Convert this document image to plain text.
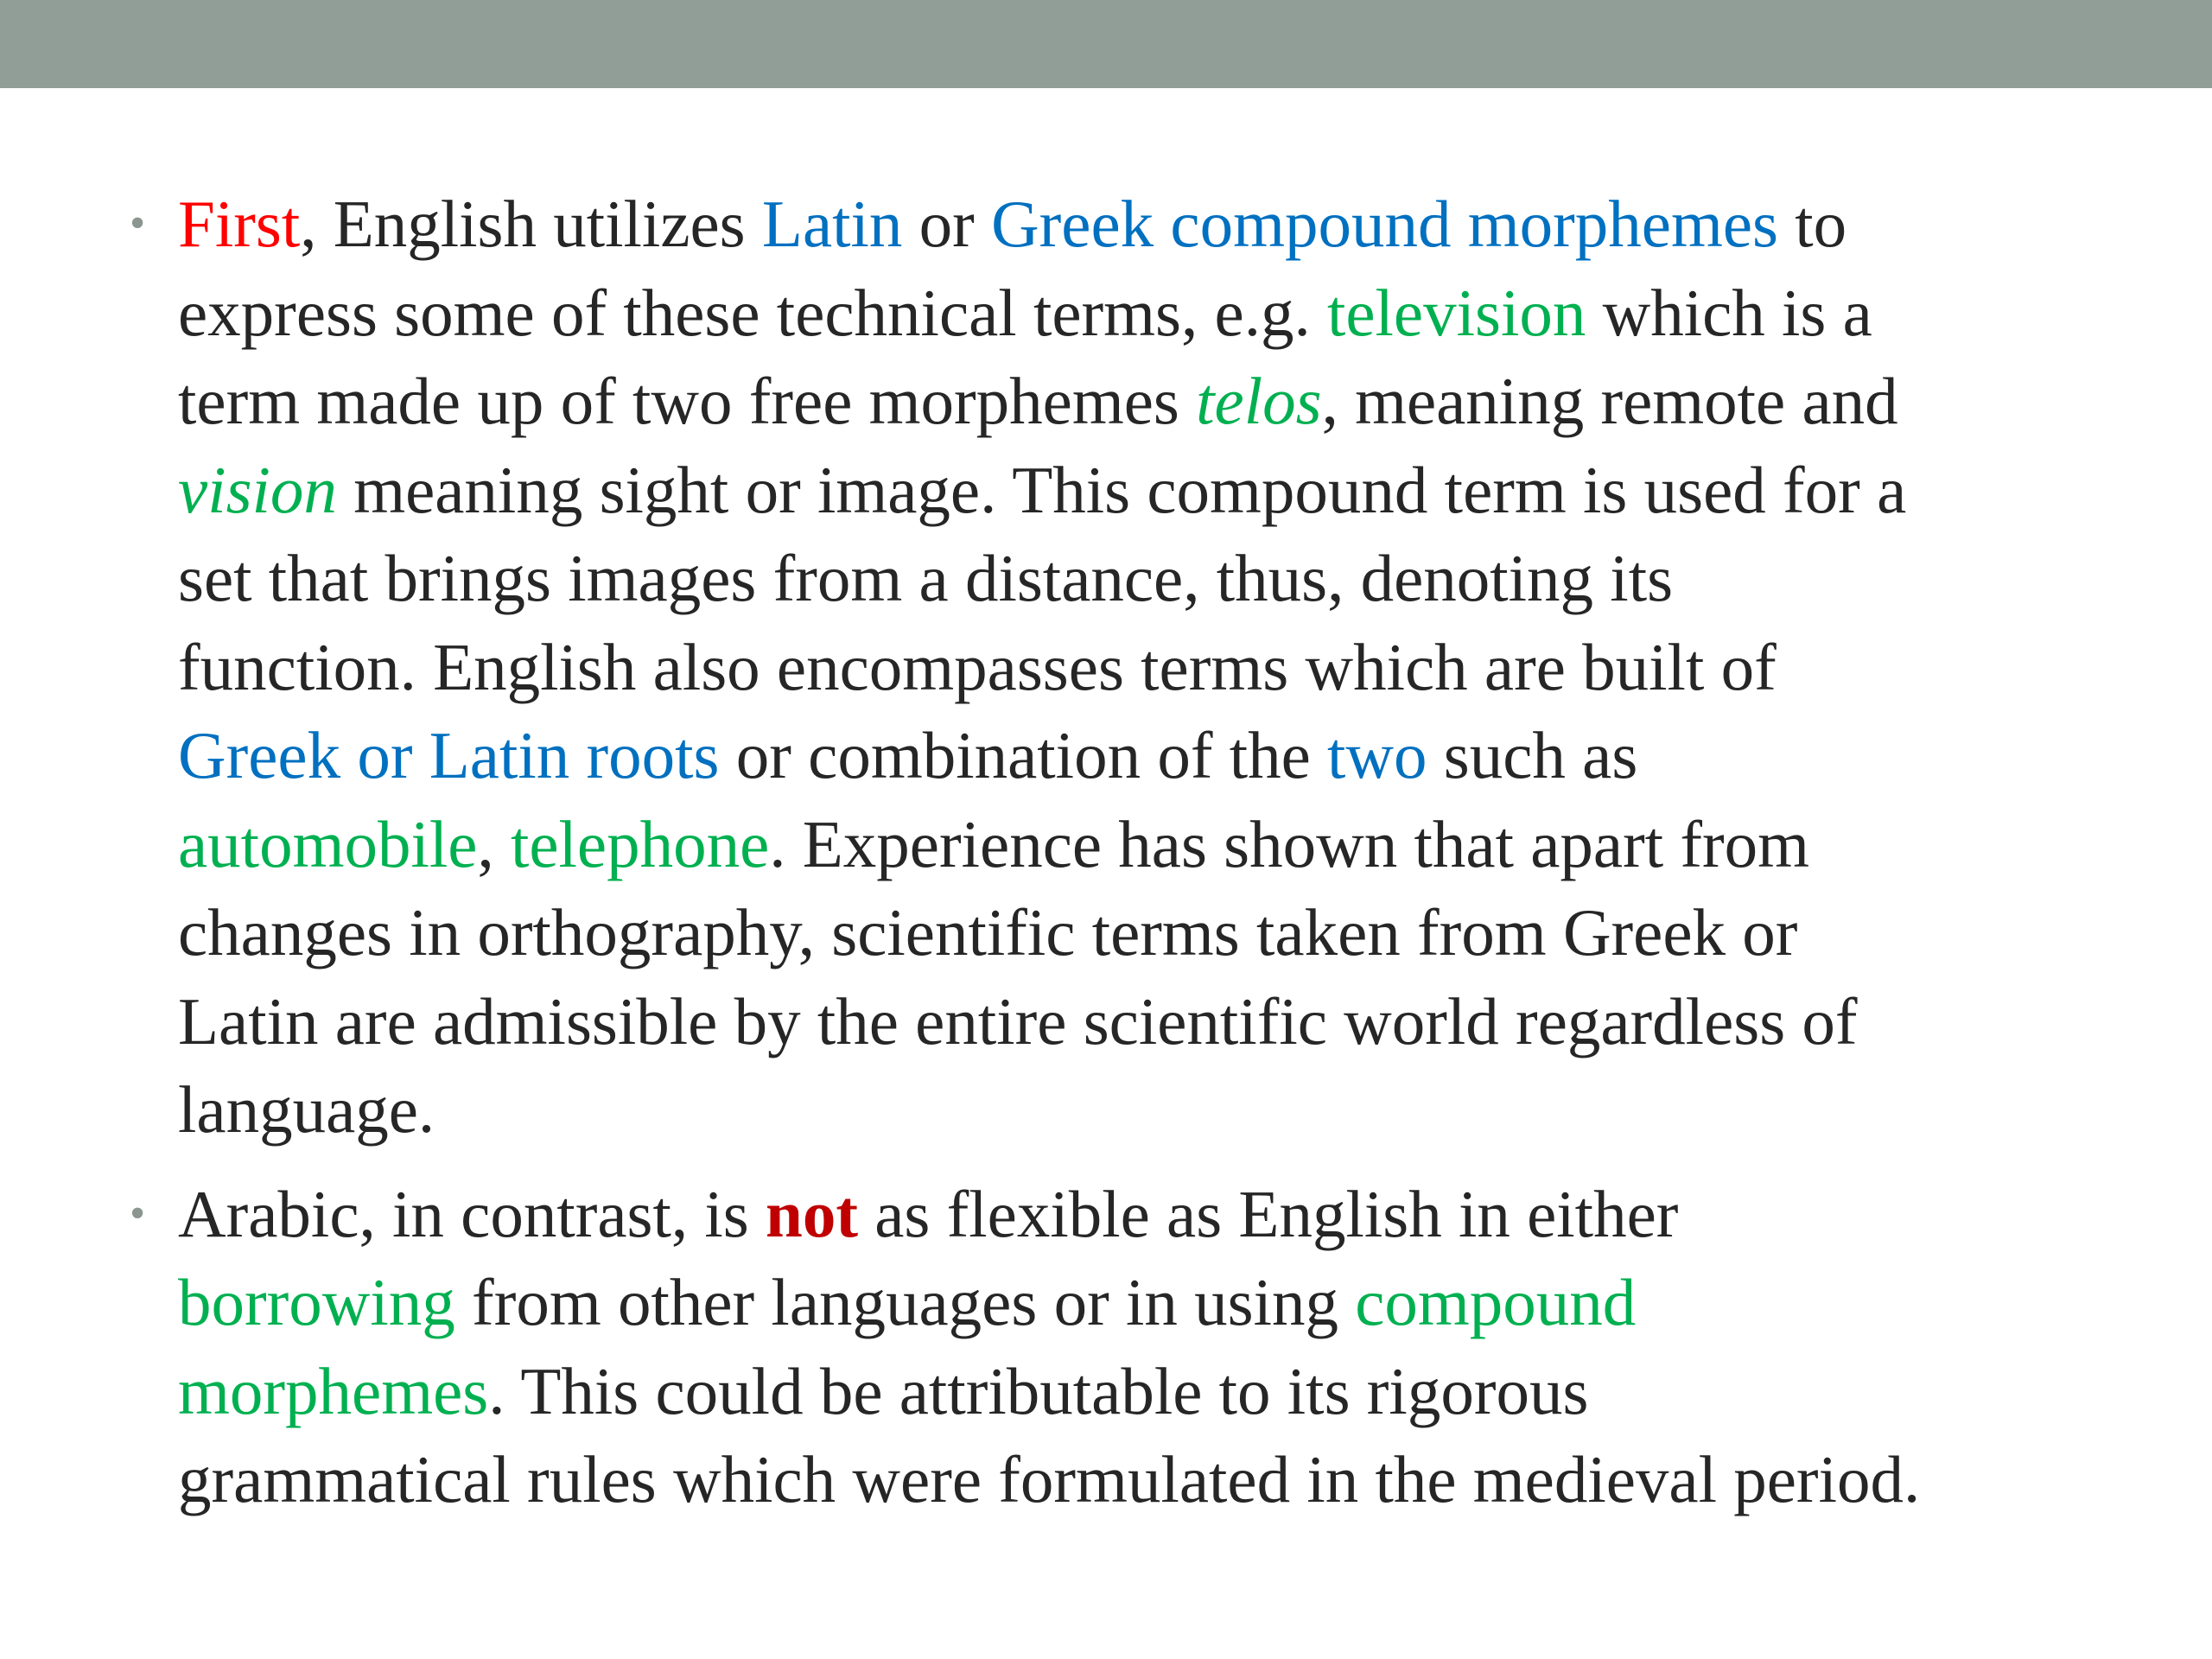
• First, English utilizes Latin or Greek compound morphemes to
express some of these technical terms, e.g. television which is a
term made up of two free morphemes telos, meaning remote and
vision meaning sight or image. This compound term is used for a
set that brings images from a distance, thus, denoting its
function. English also encompasses terms which are built of
Greek or Latin roots or combination of the two such as
automobile, telephone. Experience has shown that apart from
changes in orthography, scientific terms taken from Greek or
Latin are admissible by the entire scientific world regardless of
language.
• Arabic, in contrast, is not as flexible as English in either
borrowing from other languages or in using compound
morphemes. This could be attributable to its rigorous
grammatical rules which were formulated in the medieval period.
